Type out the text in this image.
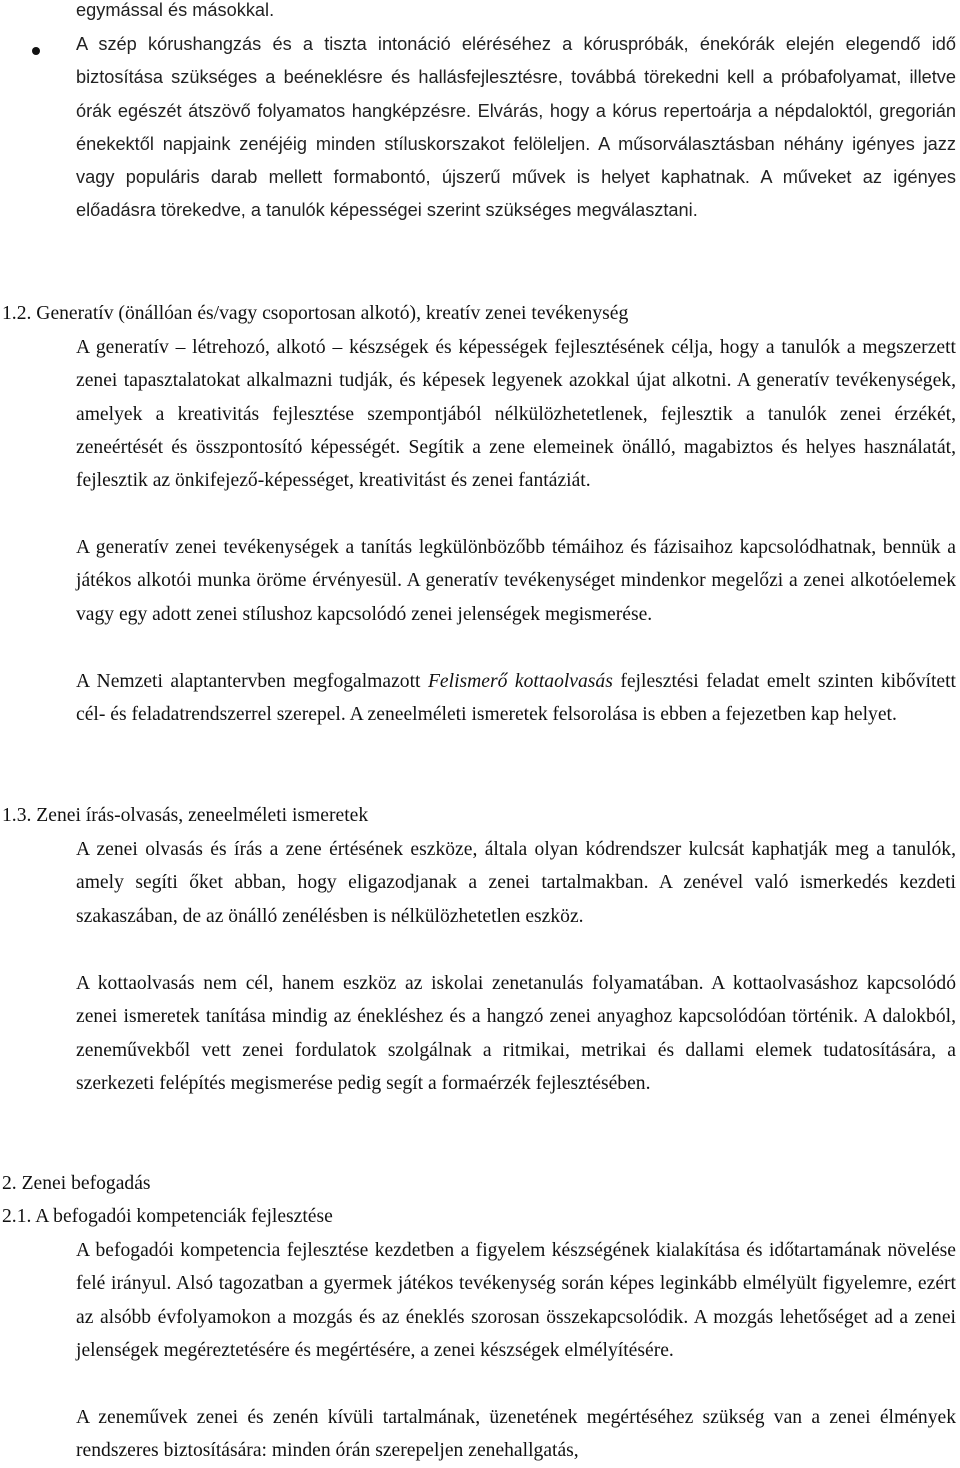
egymással és másokkal.
A szép kórushangzás és a tiszta intonáció eléréséhez a kóruspróbák, énekórák elején elegendő idő biztosítása szükséges a beéneklésre és hallásfejlesztésre, továbbá törekedni kell a próbafolyamat, illetve órák egészét átszövő folyamatos hangképzésre. Elvárás, hogy a kórus repertoárja a népdaloktól, gregorián énekektől napjaink zenéjéig minden stíluskorszakot felöleljen. A műsorválasztásban néhány igényes jazz vagy populáris darab mellett formabontó, újszerű művek is helyet kaphatnak. A műveket az igényes előadásra törekedve, a tanulók képességei szerint szükséges megválasztani.
1.2. Generatív (önállóan és/vagy csoportosan alkotó), kreatív zenei tevékenység
A generatív ‒ létrehozó, alkotó ‒ készségek és képességek fejlesztésének célja, hogy a tanulók a megszerzett zenei tapasztalatokat alkalmazni tudják, és képesek legyenek azokkal újat alkotni. A generatív tevékenységek, amelyek a kreativitás fejlesztése szempontjából nélkülözhetetlenek, fejlesztik a tanulók zenei érzékét, zeneértését és összpontosító képességét. Segítik a zene elemeinek önálló, magabiztos és helyes használatát, fejlesztik az önkifejező-képességet, kreativitást és zenei fantáziát.
A generatív zenei tevékenységek a tanítás legkülönbözőbb témáihoz és fázisaihoz kapcsolódhatnak, bennük a játékos alkotói munka öröme érvényesül. A generatív tevékenységet mindenkor megelőzi a zenei alkotóelemek vagy egy adott zenei stílushoz kapcsolódó zenei jelenségek megismerése.
A Nemzeti alaptantervben megfogalmazott Felismerő kottaolvasás fejlesztési feladat emelt szinten kibővített cél- és feladatrendszerrel szerepel. A zeneelméleti ismeretek felsorolása is ebben a fejezetben kap helyet.
1.3. Zenei írás-olvasás, zeneelméleti ismeretek
A zenei olvasás és írás a zene értésének eszköze, általa olyan kódrendszer kulcsát kaphatják meg a tanulók, amely segíti őket abban, hogy eligazodjanak a zenei tartalmakban. A zenével való ismerkedés kezdeti szakaszában, de az önálló zenélésben is nélkülözhetetlen eszköz.
A kottaolvasás nem cél, hanem eszköz az iskolai zenetanulás folyamatában. A kottaolvasáshoz kapcsolódó zenei ismeretek tanítása mindig az énekléshez és a hangzó zenei anyaghoz kapcsolódóan történik. A dalokból, zeneművekből vett zenei fordulatok szolgálnak a ritmikai, metrikai és dallami elemek tudatosítására, a szerkezeti felépítés megismerése pedig segít a formaérzék fejlesztésében.
2. Zenei befogadás
2.1. A befogadói kompetenciák fejlesztése
A befogadói kompetencia fejlesztése kezdetben a figyelem készségének kialakítása és időtartamának növelése felé irányul. Alsó tagozatban a gyermek játékos tevékenység során képes leginkább elmélyült figyelemre, ezért az alsóbb évfolyamokon a mozgás és az éneklés szorosan összekapcsolódik. A mozgás lehetőséget ad a zenei jelenségek megéreztetésére és megértésére, a zenei készségek elmélyítésére.
A zeneművek zenei és zenén kívüli tartalmának, üzenetének megértéséhez szükség van a zenei élmények rendszeres biztosítására: minden órán szerepeljen zenehallgatás,
